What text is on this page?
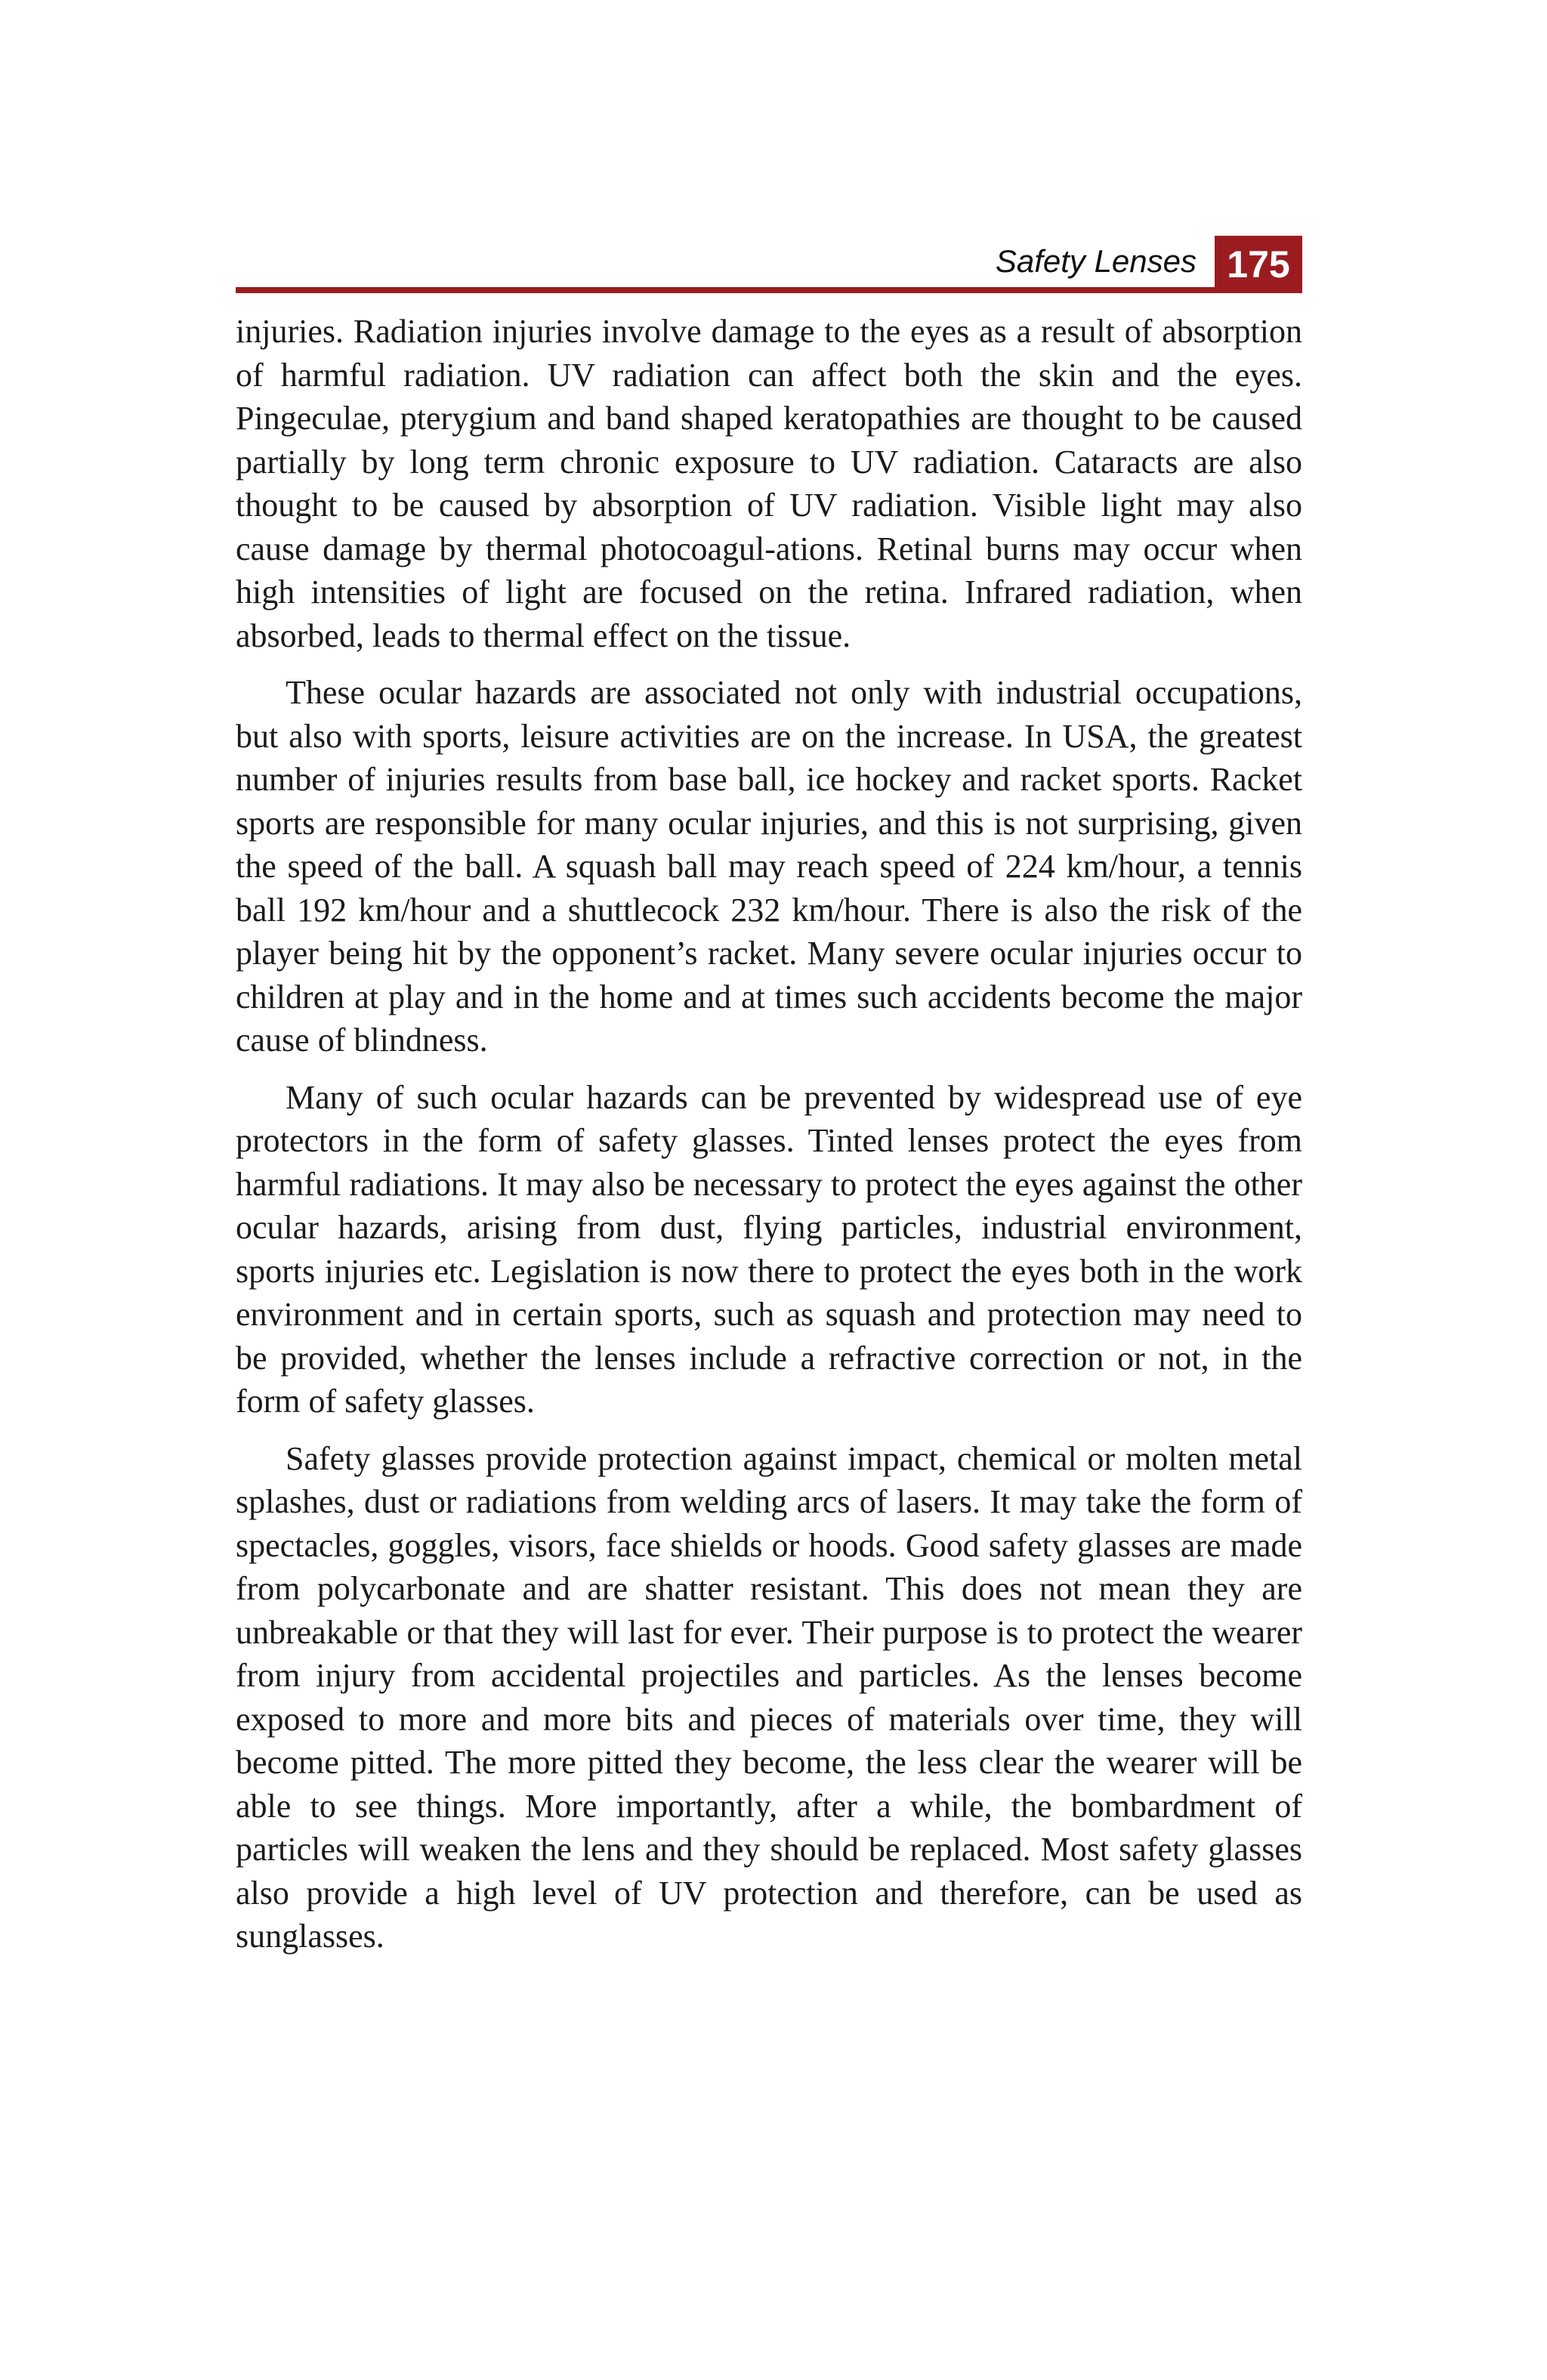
Safety Lenses 175

injuries. Radiation injuries involve damage to the eyes as a result of absorption of harmful radiation. UV radiation can affect both the skin and the eyes. Pingeculae, pterygium and band shaped keratopathies are thought to be caused partially by long term chronic exposure to UV radiation. Cataracts are also thought to be caused by absorption of UV radiation. Visible light may also cause damage by thermal photocoagul-ations. Retinal burns may occur when high intensities of light are focused on the retina. Infrared radiation, when absorbed, leads to thermal effect on the tissue.

These ocular hazards are associated not only with industrial occupations, but also with sports, leisure activities are on the increase. In USA, the greatest number of injuries results from base ball, ice hockey and racket sports. Racket sports are responsible for many ocular injuries, and this is not surprising, given the speed of the ball. A squash ball may reach speed of 224 km/hour, a tennis ball 192 km/hour and a shuttlecock 232 km/hour. There is also the risk of the player being hit by the opponent’s racket. Many severe ocular injuries occur to children at play and in the home and at times such accidents become the major cause of blindness.

Many of such ocular hazards can be prevented by widespread use of eye protectors in the form of safety glasses. Tinted lenses protect the eyes from harmful radiations. It may also be necessary to protect the eyes against the other ocular hazards, arising from dust, flying particles, industrial environment, sports injuries etc. Legislation is now there to protect the eyes both in the work environment and in certain sports, such as squash and protection may need to be provided, whether the lenses include a refractive correction or not, in the form of safety glasses.

Safety glasses provide protection against impact, chemical or molten metal splashes, dust or radiations from welding arcs of lasers. It may take the form of spectacles, goggles, visors, face shields or hoods. Good safety glasses are made from polycarbonate and are shatter resistant. This does not mean they are unbreakable or that they will last for ever. Their purpose is to protect the wearer from injury from accidental projectiles and particles. As the lenses become exposed to more and more bits and pieces of materials over time, they will become pitted. The more pitted they become, the less clear the wearer will be able to see things. More importantly, after a while, the bombardment of particles will weaken the lens and they should be replaced. Most safety glasses also provide a high level of UV protection and therefore, can be used as sunglasses.
